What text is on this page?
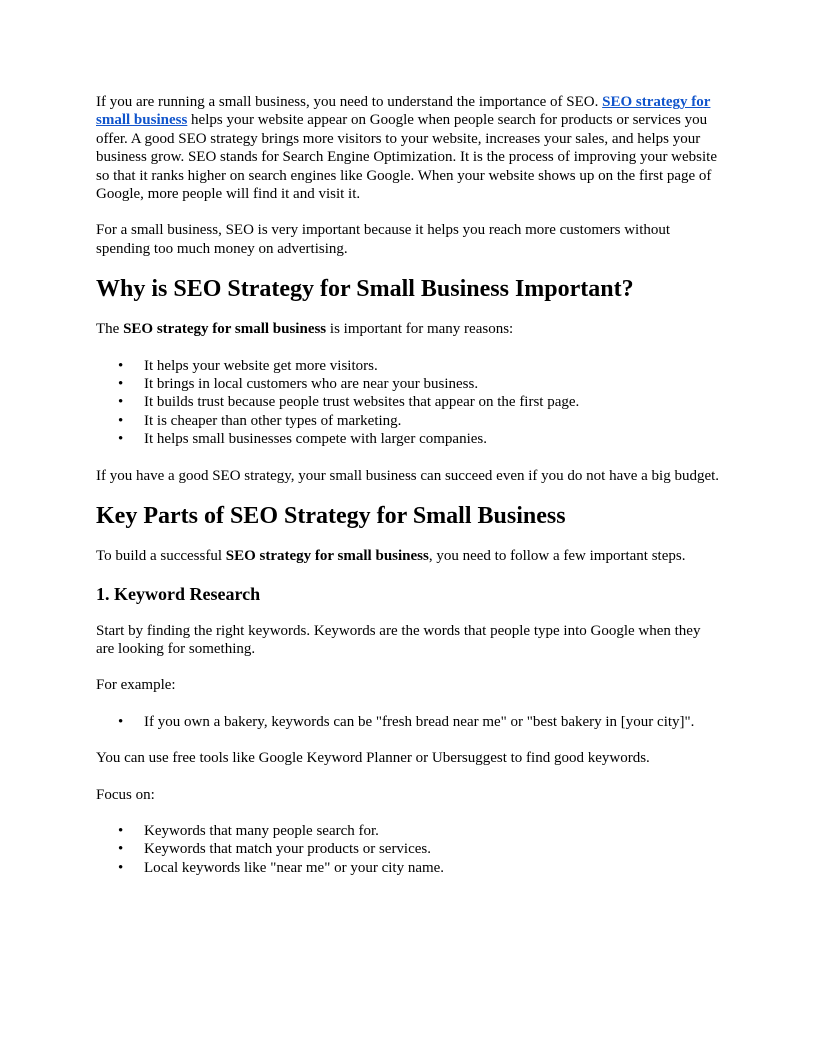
If you are running a small business, you need to understand the importance of SEO. SEO strategy for small business helps your website appear on Google when people search for products or services you offer. A good SEO strategy brings more visitors to your website, increases your sales, and helps your business grow. SEO stands for Search Engine Optimization. It is the process of improving your website so that it ranks higher on search engines like Google. When your website shows up on the first page of Google, more people will find it and visit it.

For a small business, SEO is very important because it helps you reach more customers without spending too much money on advertising.

Why is SEO Strategy for Small Business Important?

The SEO strategy for small business is important for many reasons:

• It helps your website get more visitors.
• It brings in local customers who are near your business.
• It builds trust because people trust websites that appear on the first page.
• It is cheaper than other types of marketing.
• It helps small businesses compete with larger companies.

If you have a good SEO strategy, your small business can succeed even if you do not have a big budget.

Key Parts of SEO Strategy for Small Business

To build a successful SEO strategy for small business, you need to follow a few important steps.

1. Keyword Research

Start by finding the right keywords. Keywords are the words that people type into Google when they are looking for something.

For example:

• If you own a bakery, keywords can be "fresh bread near me" or "best bakery in [your city]".

You can use free tools like Google Keyword Planner or Ubersuggest to find good keywords.

Focus on:

• Keywords that many people search for.
• Keywords that match your products or services.
• Local keywords like "near me" or your city name.
